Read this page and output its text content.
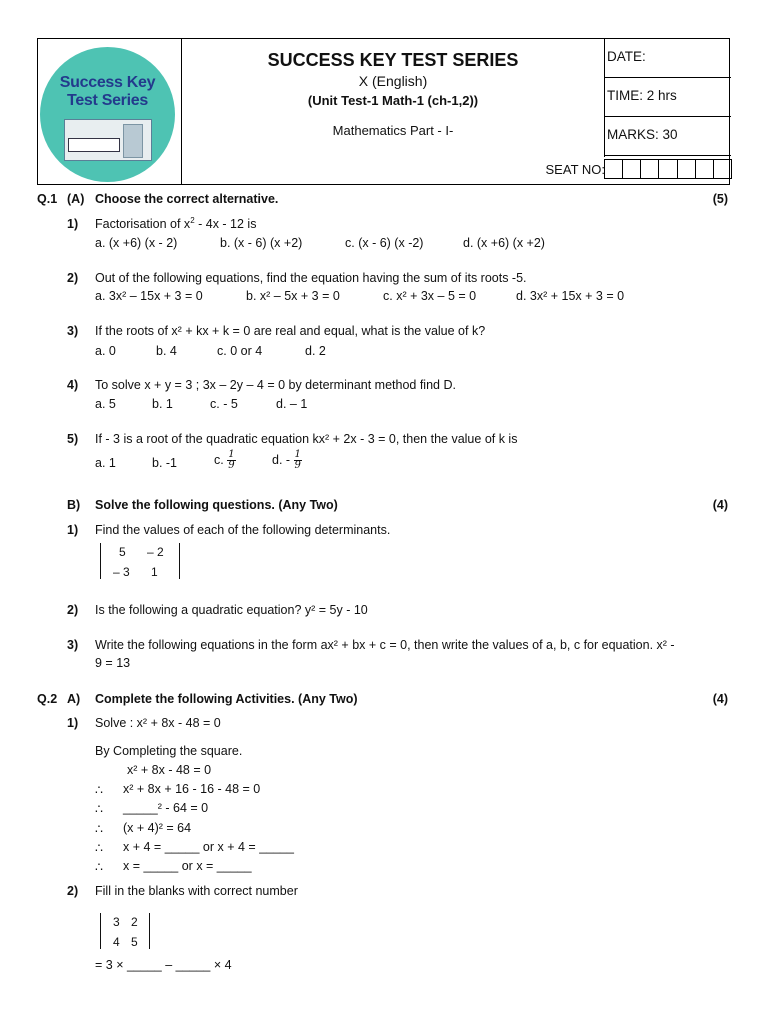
Success Key
Test Series
SUCCESS KEY TEST SERIES
X (English)
(Unit Test-1 Math-1 (ch-1,2))
Mathematics Part - I-
SEAT NO:
DATE:
TIME: 2 hrs
MARKS: 30
Q.1 (A) Choose the correct alternative.	(5)
1) Factorisation of $x^2 - 4x - 12$ is
a. (x +6) (x - 2)	b. (x - 6) (x +2)	c. (x - 6) (x -2)	d. (x +6) (x +2)
2) Out of the following equations, find the equation having the sum of its roots -5.
a. 3x² – 15x + 3 = 0	b. x² – 5x + 3 = 0	c. x² + 3x – 5 = 0	d. 3x² + 15x + 3 = 0
3) If the roots of x² + kx + k = 0 are real and equal, what is the value of k?
a. 0	b. 4	c. 0 or 4	d. 2
4) To solve x + y = 3 ; 3x – 2y – 4 = 0 by determinant method find D.
a. 5	b. 1	c. - 5	d. – 1
5) If - 3 is a root of the quadratic equation kx² + 2x - 3 = 0, then the value of k is
a. 1	b. -1	c. $\frac{1}{9}$	d. - $\frac{1}{9}$
B) Solve the following questions. (Any Two)	(4)
1) Find the values of each of the following determinants.
5 – 2
– 3 1
2) Is the following a quadratic equation? y² = 5y - 10
3) Write the following equations in the form ax² + bx + c = 0, then write the values of a, b, c for equation. x² -
9 = 13
Q.2 A) Complete the following Activities. (Any Two)	(4)
1) Solve : x² + 8x - 48 = 0
By Completing the square.
x² + 8x - 48 = 0
∴ x² + 8x + 16 - 16 - 48 = 0
∴ _____² - 64 = 0
∴ (x + 4)² = 64
∴ x + 4 = _____ or x + 4 = _____
∴ x = _____ or x = _____
2) Fill in the blanks with correct number
3 2
4 5
= 3 × _____ – _____ × 4
